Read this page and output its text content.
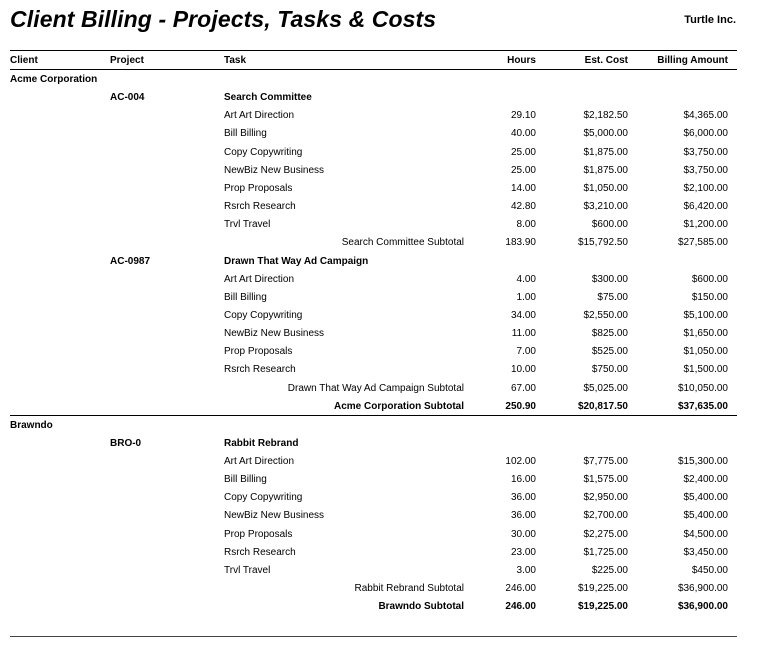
Client Billing - Projects, Tasks & Costs	Turtle Inc.
Client	Project	Task	Hours	Est. Cost	Billing Amount
Acme Corporation
AC-004	Search Committee
Art Art Direction	29.10	$2,182.50	$4,365.00
Bill Billing	40.00	$5,000.00	$6,000.00
Copy Copywriting	25.00	$1,875.00	$3,750.00
NewBiz New Business	25.00	$1,875.00	$3,750.00
Prop Proposals	14.00	$1,050.00	$2,100.00
Rsrch Research	42.80	$3,210.00	$6,420.00
Trvl Travel	8.00	$600.00	$1,200.00
Search Committee Subtotal	183.90	$15,792.50	$27,585.00
AC-0987	Drawn That Way Ad Campaign
Art Art Direction	4.00	$300.00	$600.00
Bill Billing	1.00	$75.00	$150.00
Copy Copywriting	34.00	$2,550.00	$5,100.00
NewBiz New Business	11.00	$825.00	$1,650.00
Prop Proposals	7.00	$525.00	$1,050.00
Rsrch Research	10.00	$750.00	$1,500.00
Drawn That Way Ad Campaign Subtotal	67.00	$5,025.00	$10,050.00
Acme Corporation Subtotal	250.90	$20,817.50	$37,635.00
Brawndo
BRO-0	Rabbit Rebrand
Art Art Direction	102.00	$7,775.00	$15,300.00
Bill Billing	16.00	$1,575.00	$2,400.00
Copy Copywriting	36.00	$2,950.00	$5,400.00
NewBiz New Business	36.00	$2,700.00	$5,400.00
Prop Proposals	30.00	$2,275.00	$4,500.00
Rsrch Research	23.00	$1,725.00	$3,450.00
Trvl Travel	3.00	$225.00	$450.00
Rabbit Rebrand Subtotal	246.00	$19,225.00	$36,900.00
Brawndo Subtotal	246.00	$19,225.00	$36,900.00
